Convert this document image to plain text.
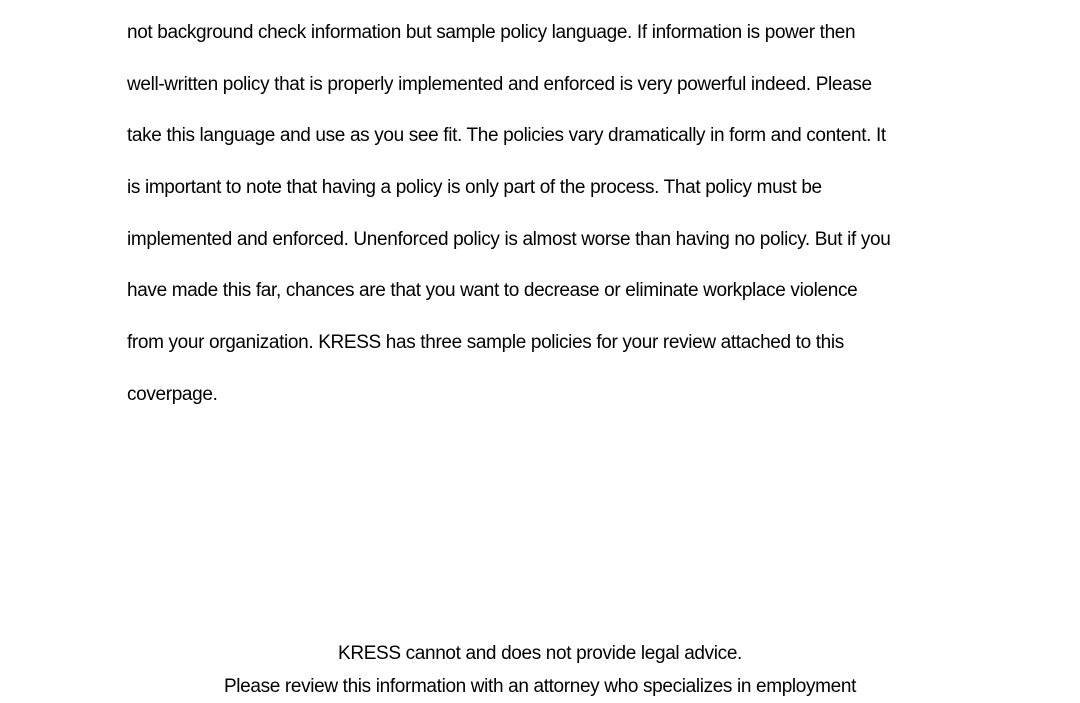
not background check information but sample policy language. If information is power then
well-written policy that is properly implemented and enforced is very powerful indeed. Please
take this language and use as you see fit. The policies vary dramatically in form and content. It
is important to note that having a policy is only part of the process. That policy must be
implemented and enforced. Unenforced policy is almost worse than having no policy. But if you
have made this far, chances are that you want to decrease or eliminate workplace violence
from your organization. KRESS has three sample policies for your review attached to this
coverpage.
KRESS cannot and does not provide legal advice.
Please review this information with an attorney who specializes in employment
